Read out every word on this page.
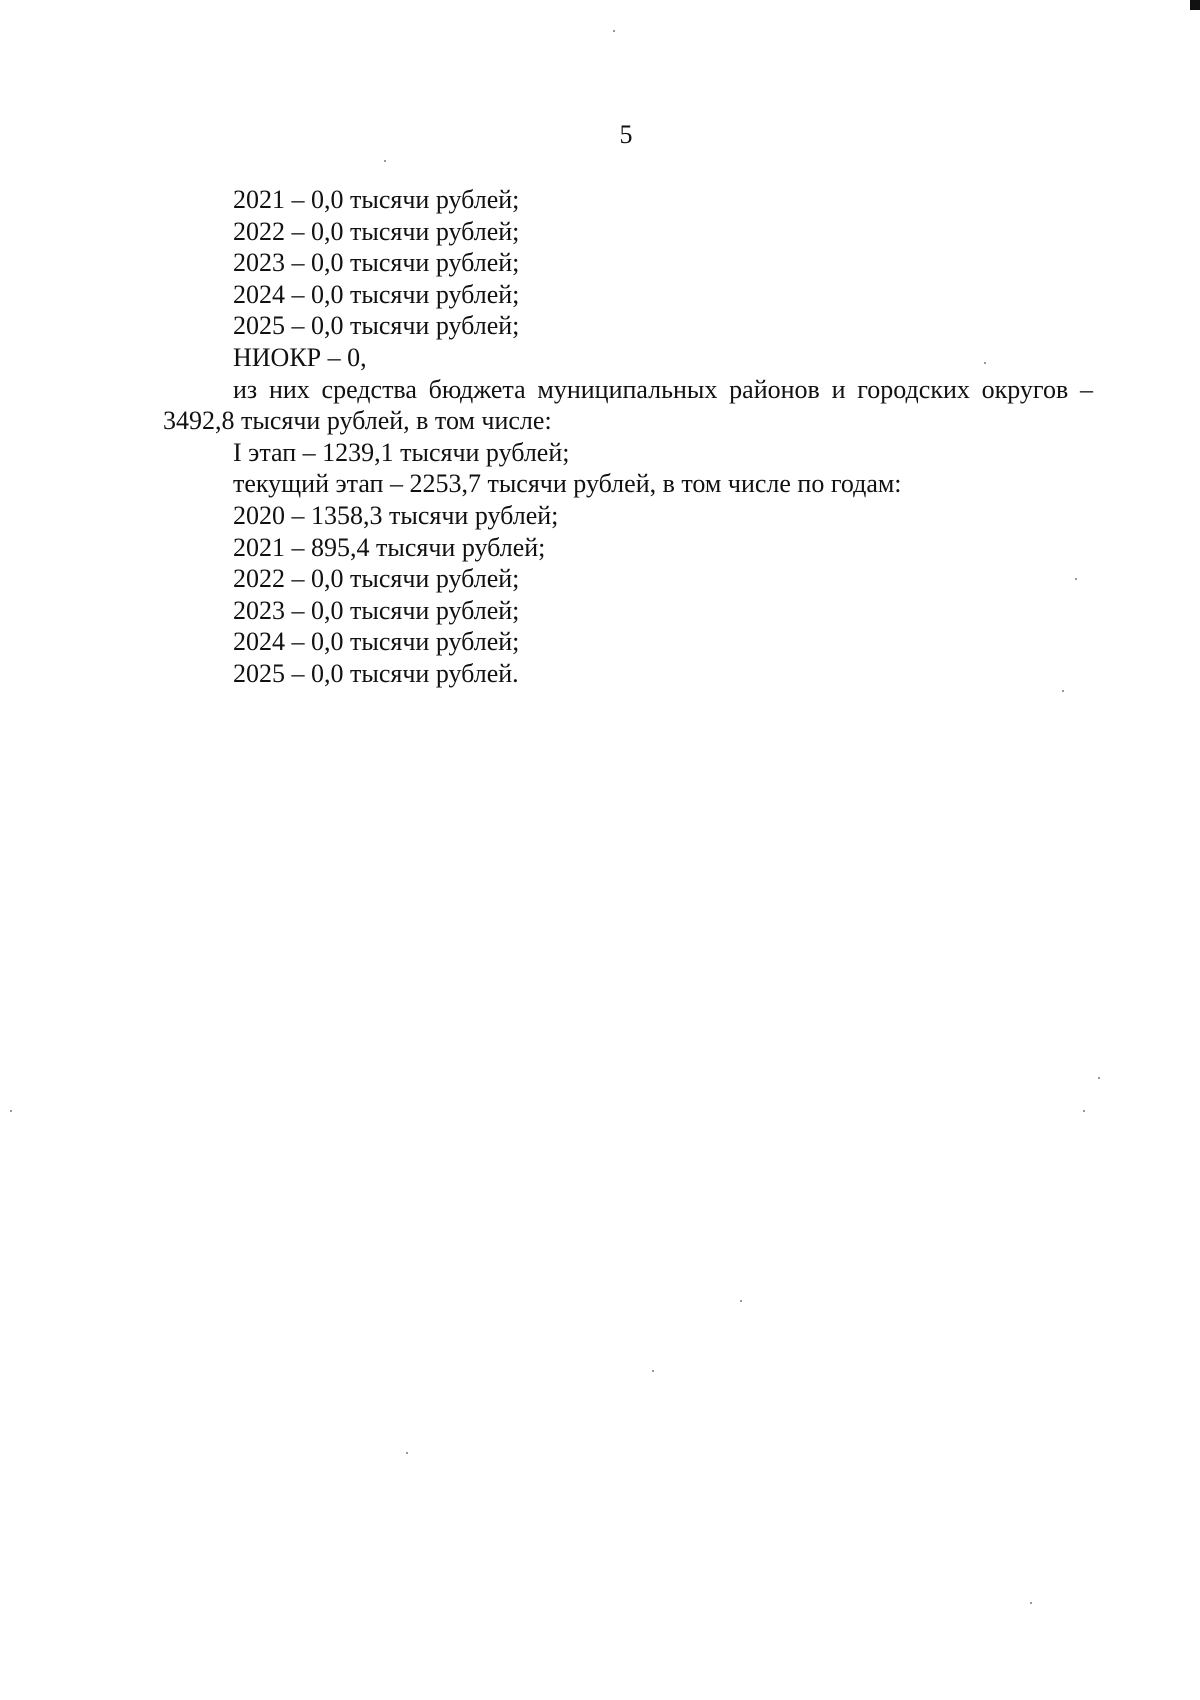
5
2021 – 0,0 тысячи рублей;
2022 – 0,0 тысячи рублей;
2023 – 0,0 тысячи рублей;
2024 – 0,0 тысячи рублей;
2025 – 0,0 тысячи рублей;
НИОКР – 0,
из них средства бюджета муниципальных районов и городских округов –
3492,8 тысячи рублей, в том числе:
I этап – 1239,1 тысячи рублей;
текущий этап – 2253,7 тысячи рублей, в том числе по годам:
2020 – 1358,3 тысячи рублей;
2021 – 895,4 тысячи рублей;
2022 – 0,0 тысячи рублей;
2023 – 0,0 тысячи рублей;
2024 – 0,0 тысячи рублей;
2025 – 0,0 тысячи рублей.
